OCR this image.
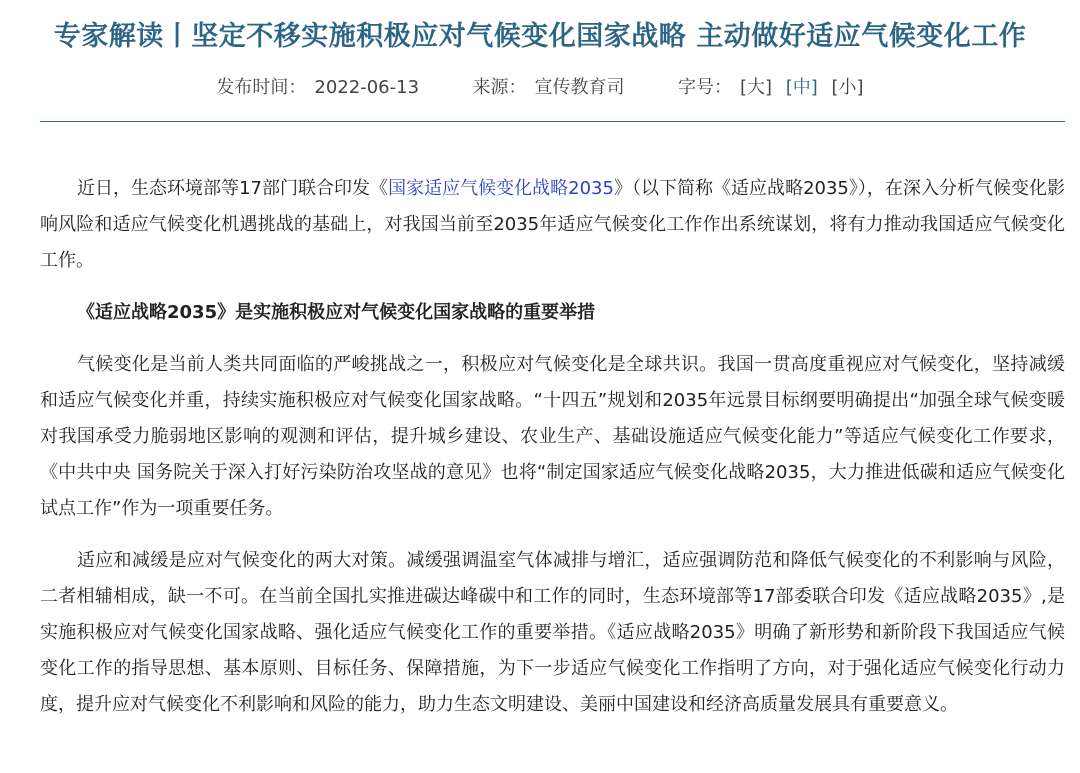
专家解读丨坚定不移实施积极应对气候变化国家战略 主动做好适应气候变化工作
发布时间： 2022-06-13	来源： 宣传教育司	字号： [大] [中] [小]

近日，生态环境部等17部门联合印发《国家适应气候变化战略2035》（以下简称《适应战略2035》），在深入分析气候变化影响风险和适应气候变化机遇挑战的基础上，对我国当前至2035年适应气候变化工作作出系统谋划，将有力推动我国适应气候变化工作。

《适应战略2035》是实施积极应对气候变化国家战略的重要举措

气候变化是当前人类共同面临的严峻挑战之一，积极应对气候变化是全球共识。我国一贯高度重视应对气候变化，坚持减缓和适应气候变化并重，持续实施积极应对气候变化国家战略。“十四五”规划和2035年远景目标纲要明确提出“加强全球气候变暖对我国承受力脆弱地区影响的观测和评估，提升城乡建设、农业生产、基础设施适应气候变化能力”等适应气候变化工作要求，《中共中央 国务院关于深入打好污染防治攻坚战的意见》也将“制定国家适应气候变化战略2035，大力推进低碳和适应气候变化试点工作”作为一项重要任务。

适应和减缓是应对气候变化的两大对策。减缓强调温室气体减排与增汇，适应强调防范和降低气候变化的不利影响与风险，二者相辅相成，缺一不可。在当前全国扎实推进碳达峰碳中和工作的同时，生态环境部等17部委联合印发《适应战略2035》,是实施积极应对气候变化国家战略、强化适应气候变化工作的重要举措。《适应战略2035》明确了新形势和新阶段下我国适应气候变化工作的指导思想、基本原则、目标任务、保障措施，为下一步适应气候变化工作指明了方向，对于强化适应气候变化行动力度，提升应对气候变化不利影响和风险的能力，助力生态文明建设、美丽中国建设和经济高质量发展具有重要意义。
